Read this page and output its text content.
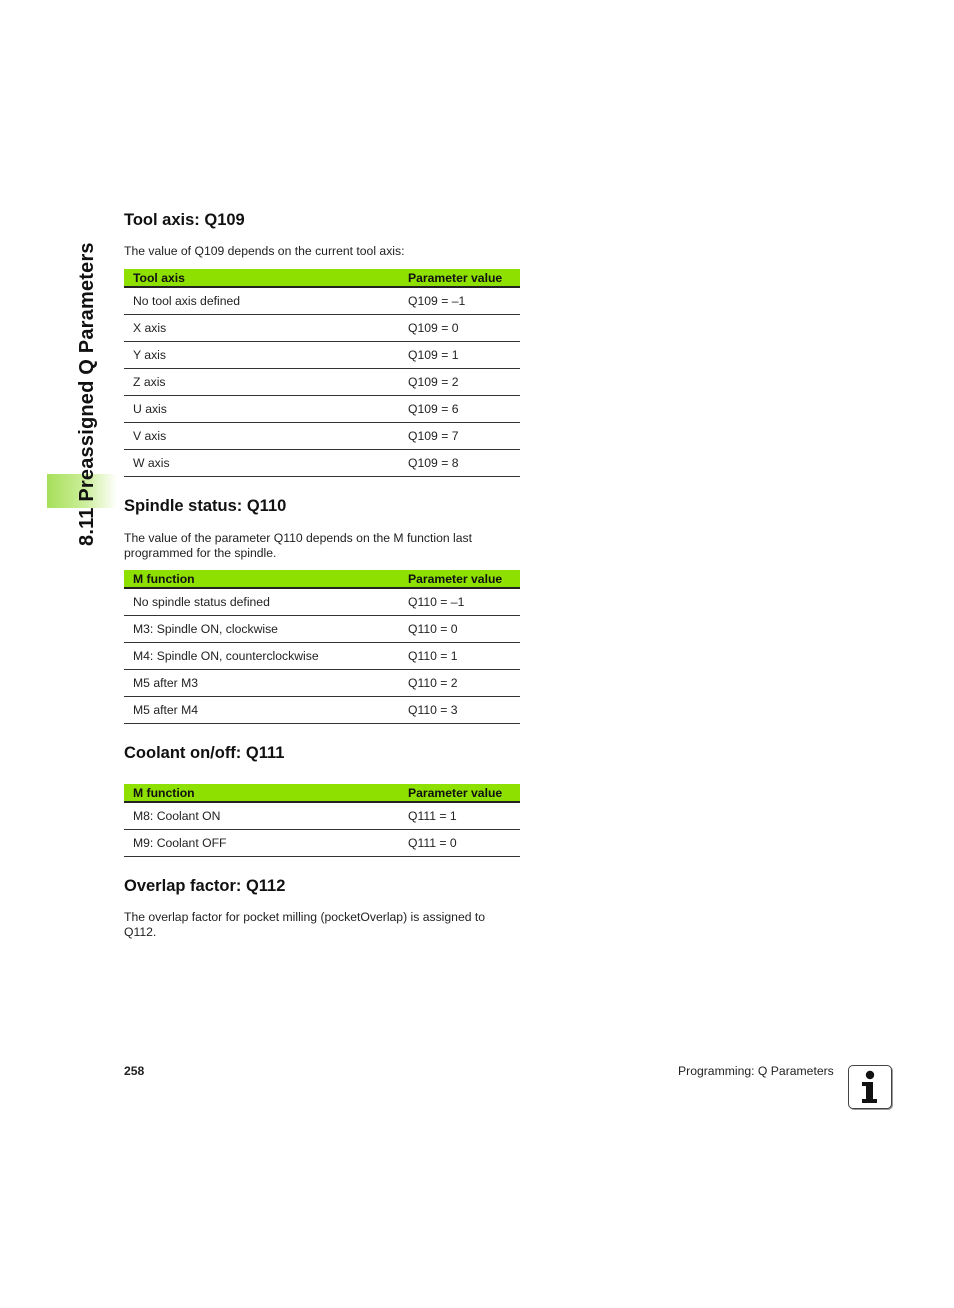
8.11 Preassigned Q Parameters
Tool axis: Q109

The value of Q109 depends on the current tool axis:

Tool axis	Parameter value
No tool axis defined	Q109 = –1
X axis	Q109 = 0
Y axis	Q109 = 1
Z axis	Q109 = 2
U axis	Q109 = 6
V axis	Q109 = 7
W axis	Q109 = 8
Spindle status: Q110

The value of the parameter Q110 depends on the M function last programmed for the spindle.

M function	Parameter value
No spindle status defined	Q110 = –1
M3: Spindle ON, clockwise	Q110 = 0
M4: Spindle ON, counterclockwise	Q110 = 1
M5 after M3	Q110 = 2
M5 after M4	Q110 = 3
Coolant on/off: Q111
M function	Parameter value
M8: Coolant ON	Q111 = 1
M9: Coolant OFF	Q111 = 0
Overlap factor: Q112

The overlap factor for pocket milling (pocketOverlap) is assigned to Q112.

258	Programming: Q Parameters
